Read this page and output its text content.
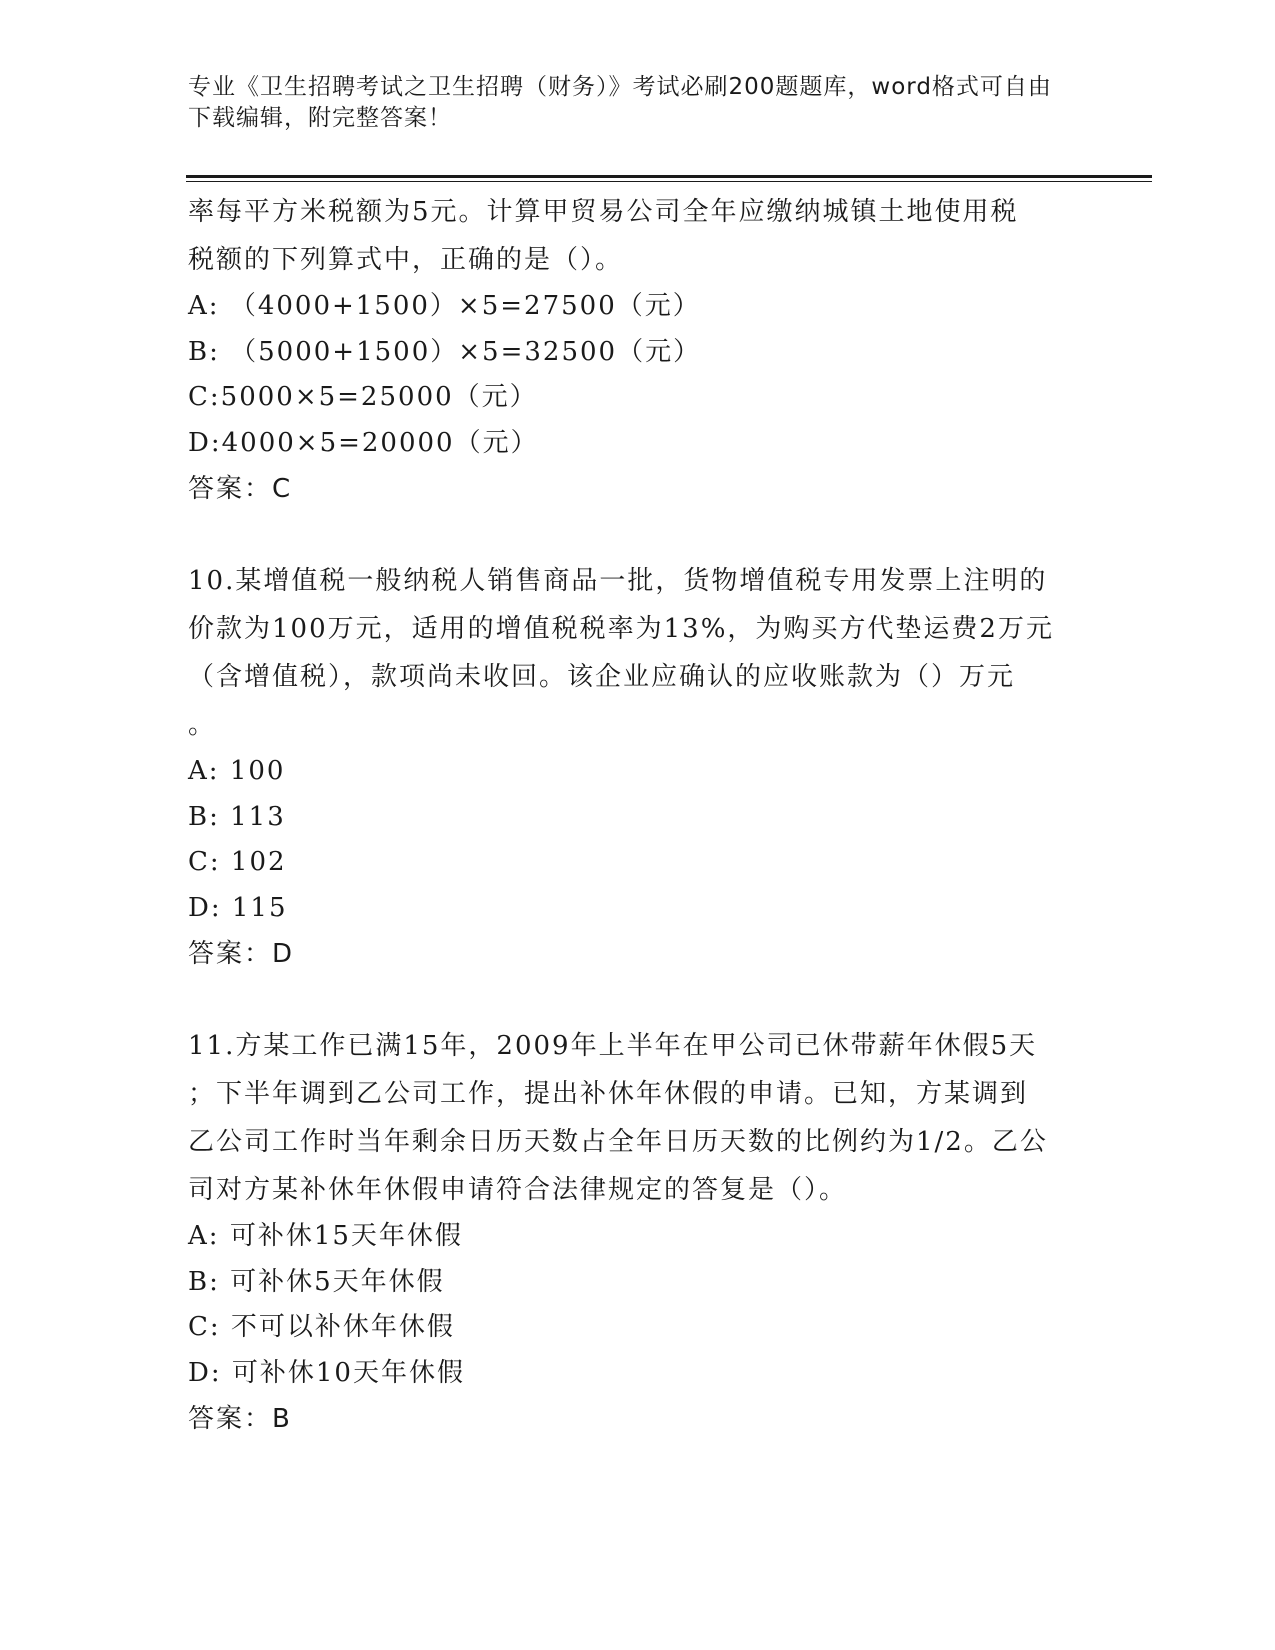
专业《卫生招聘考试之卫生招聘（财务）》考试必刷200题题库，word格式可自由下载编辑，附完整答案！

率每平方米税额为5元。计算甲贸易公司全年应缴纳城镇土地使用税

税额的下列算式中，正确的是（）。

A: （4000+1500）×5=27500（元）

B: （5000+1500）×5=32500（元）

C:5000×5=25000（元）

D:4000×5=20000（元）

答案：C

10.某增值税一般纳税人销售商品一批，货物增值税专用发票上注明的

价款为100万元，适用的增值税税率为13%，为购买方代垫运费2万元

（含增值税），款项尚未收回。该企业应确认的应收账款为（）万元

。

A: 100

B: 113

C: 102

D: 115

答案：D

11.方某工作已满15年，2009年上半年在甲公司已休带薪年休假5天

；下半年调到乙公司工作，提出补休年休假的申请。已知，方某调到

乙公司工作时当年剩余日历天数占全年日历天数的比例约为1/2。乙公

司对方某补休年休假申请符合法律规定的答复是（）。

A: 可补休15天年休假

B: 可补休5天年休假

C: 不可以补休年休假

D: 可补休10天年休假

答案：B
